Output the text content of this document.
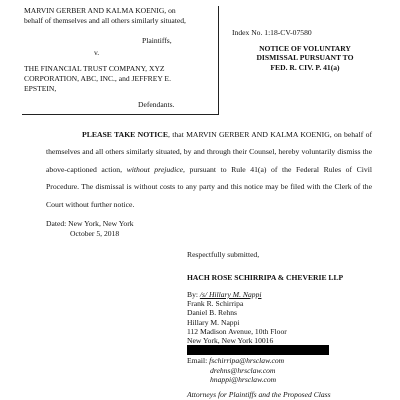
MARVIN GERBER AND KALMA KOENIG, on
behalf of themselves and all others similarly situated,
Plaintiffs,
v.
THE FINANCIAL TRUST COMPANY, XYZ
CORPORATION, ABC, INC., and JEFFREY E.
EPSTEIN,
Defendants.
Index No. 1:18-CV-07580
NOTICE OF VOLUNTARY
DISMISSAL PURSUANT TO
FED. R. CIV. P. 41(a)
PLEASE TAKE NOTICE, that MARVIN GERBER AND KALMA KOENIG, on behalf of themselves and all others similarly situated, by and through their Counsel, hereby voluntarily dismiss the above-captioned action, without prejudice, pursuant to Rule 41(a) of the Federal Rules of Civil Procedure. The dismissal is without costs to any party and this notice may be filed with the Clerk of the Court without further notice.
Dated: New York, New York
October 5, 2018
Respectfully submitted,
HACH ROSE SCHIRRIPA & CHEVERIE LLP
By: /s/ Hillary M. Nappi
Frank R. Schirripa
Daniel B. Rehns
Hillary M. Nappi
112 Madison Avenue, 10th Floor
New York, New York 10016
Email: fschirripa@hrsclaw.com
drehns@hrsclaw.com
hnappi@hrsclaw.com
Attorneys for Plaintiffs and the Proposed Class
